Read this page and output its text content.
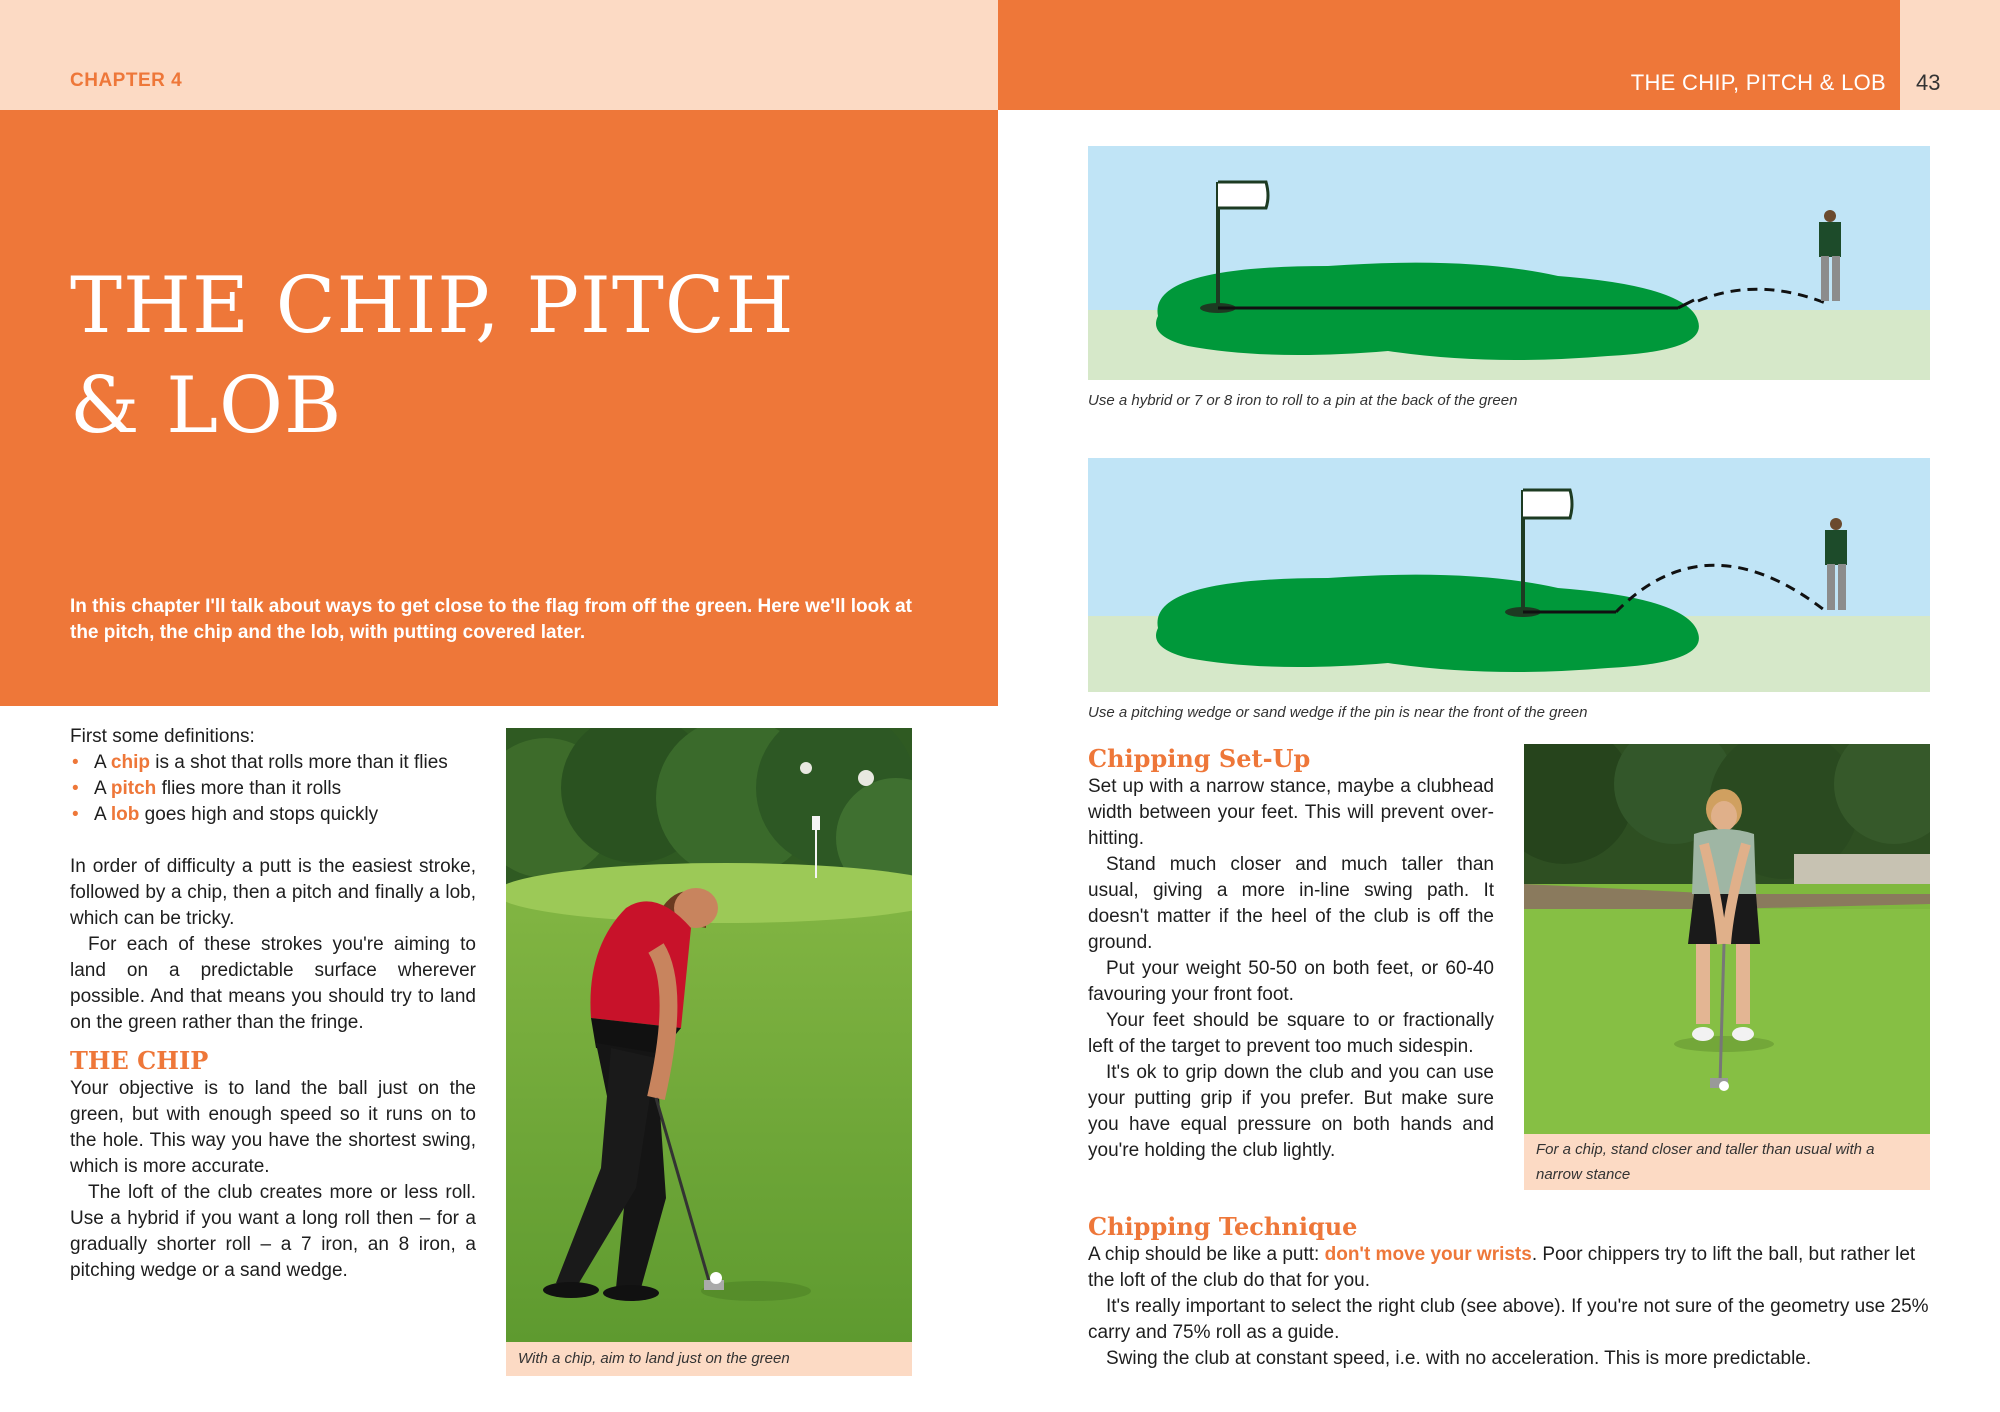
CHAPTER 4	THE CHIP, PITCH & LOB 43
THE CHIP, PITCH
& LOB
In this chapter I'll talk about ways to get close to the flag from off the green. Here we'll look at the pitch, the chip and the lob, with putting covered later.

First some definitions:

• A chip is a shot that rolls more than it flies
• A pitch flies more than it rolls
• A lob goes high and stops quickly

In order of difficulty a putt is the easiest stroke, followed by a chip, then a pitch and finally a lob, which can be tricky.

For each of these strokes you're aiming to land on a predictable surface wherever possible. And that means you should try to land on the green rather than the fringe.

THE CHIP

Your objective is to land the ball just on the green, but with enough speed so it runs on to the hole. This way you have the shortest swing, which is more accurate.

The loft of the club creates more or less roll. Use a hybrid if you want a long roll then – for a gradually shorter roll – a 7 iron, an 8 iron, a pitching wedge or a sand wedge.

With a chip, aim to land just on the green
Use a hybrid or 7 or 8 iron to roll to a pin at the back of the green
Use a pitching wedge or sand wedge if the pin is near the front of the green
Chipping Set-Up

Set up with a narrow stance, maybe a clubhead width between your feet. This will prevent over-hitting.

Stand much closer and much taller than usual, giving a more in-line swing path. It doesn't matter if the heel of the club is off the ground.

Put your weight 50-50 on both feet, or 60-40 favouring your front foot.

Your feet should be square to or fractionally left of the target to prevent too much sidespin.

It's ok to grip down the club and you can use your putting grip if you prefer. But make sure you have equal pressure on both hands and you're holding the club lightly.	For a chip, stand closer and taller than usual with a narrow stance
Chipping Technique

A chip should be like a putt: don't move your wrists. Poor chippers try to lift the ball, but rather let the loft of the club do that for you.

It's really important to select the right club (see above). If you're not sure of the geometry use 25% carry and 75% roll as a guide.

Swing the club at constant speed, i.e. with no acceleration. This is more predictable.
